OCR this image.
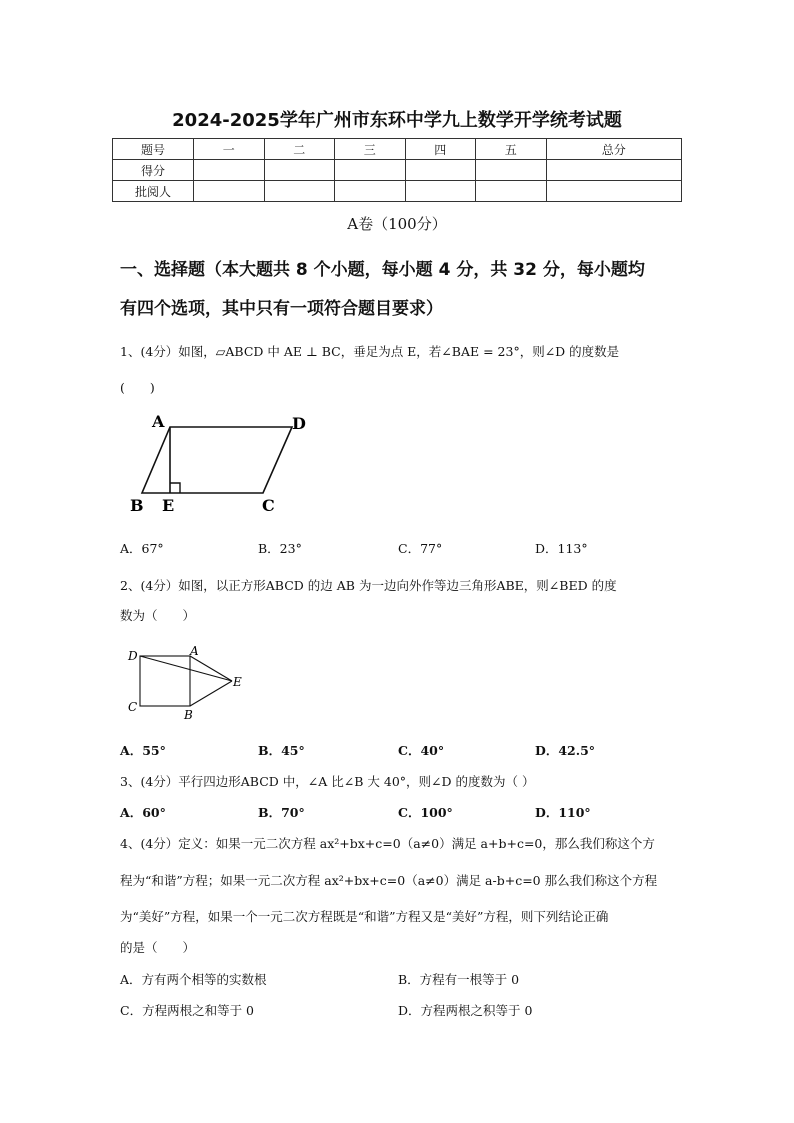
2024-2025学年广州市东环中学九上数学开学统考试题
题号	一	二	三	四	五	总分
得分						
批阅人						
A卷（100分）
一、选择题（本大题共 8 个小题，每小题 4 分，共 32 分，每小题均
有四个选项，其中只有一项符合题目要求）
1、(4分）如图，▱ABCD 中 AE ⊥ BC，垂足为点 E，若∠BAE = 23°，则∠D 的度数是
(　　)
A	D
B E	C
A．67°	B．23°	C．77°	D．113°
2、(4分）如图，以正方形ABCD 的边 AB 为一边向外作等边三角形ABE，则∠BED 的度
数为（　　）
D	A
E
C
B
A．55°	B．45°	C．40°	D．42.5°
3、(4分）平行四边形ABCD 中，∠A 比∠B 大 40°，则∠D 的度数为（ ）
A．60°	B．70°	C．100°	D．110°
4、(4分）定义：如果一元二次方程 ax²+bx+c=0（a≠0）满足 a+b+c=0，那么我们称这个方
程为“和谐”方程；如果一元二次方程 ax²+bx+c=0（a≠0）满足 a-b+c=0 那么我们称这个方程
为“美好”方程，如果一个一元二次方程既是“和谐”方程又是“美好”方程，则下列结论正确
的是（　　）
A．方有两个相等的实数根	B．方程有一根等于 0
C．方程两根之和等于 0	D．方程两根之积等于 0
